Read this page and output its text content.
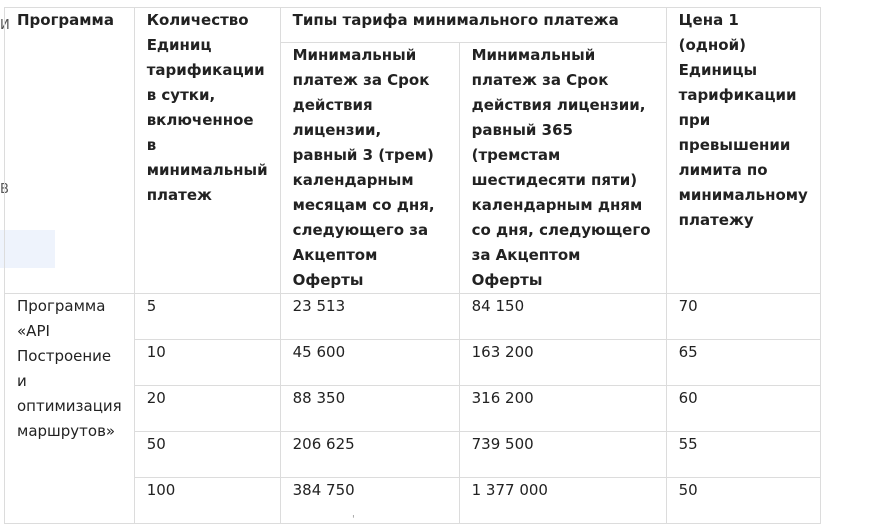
И
В
Программа	Количество Единиц тарификации в сутки, включенное в минимальный платеж	Типы тарифа минимального платежа		Цена 1 (одной) Единицы тарификации при превышении лимита по минимальному платежу
		Минимальный платеж за Срок действия лицензии, равный 3 (трем) календарным месяцам со дня, следующего за Акцептом Оферты	Минимальный платеж за Срок действия лицензии, равный 365 (тремстам шестидесяти пяти) календарным дням со дня, следующего за Акцептом Оферты	
Программа «API Построение и оптимизация маршрутов»	5	23 513	84 150	70
	10	45 600	163 200	65
	20	88 350	316 200	60
	50	206 625	739 500	55
	100	384 750	1 377 000	50
'
